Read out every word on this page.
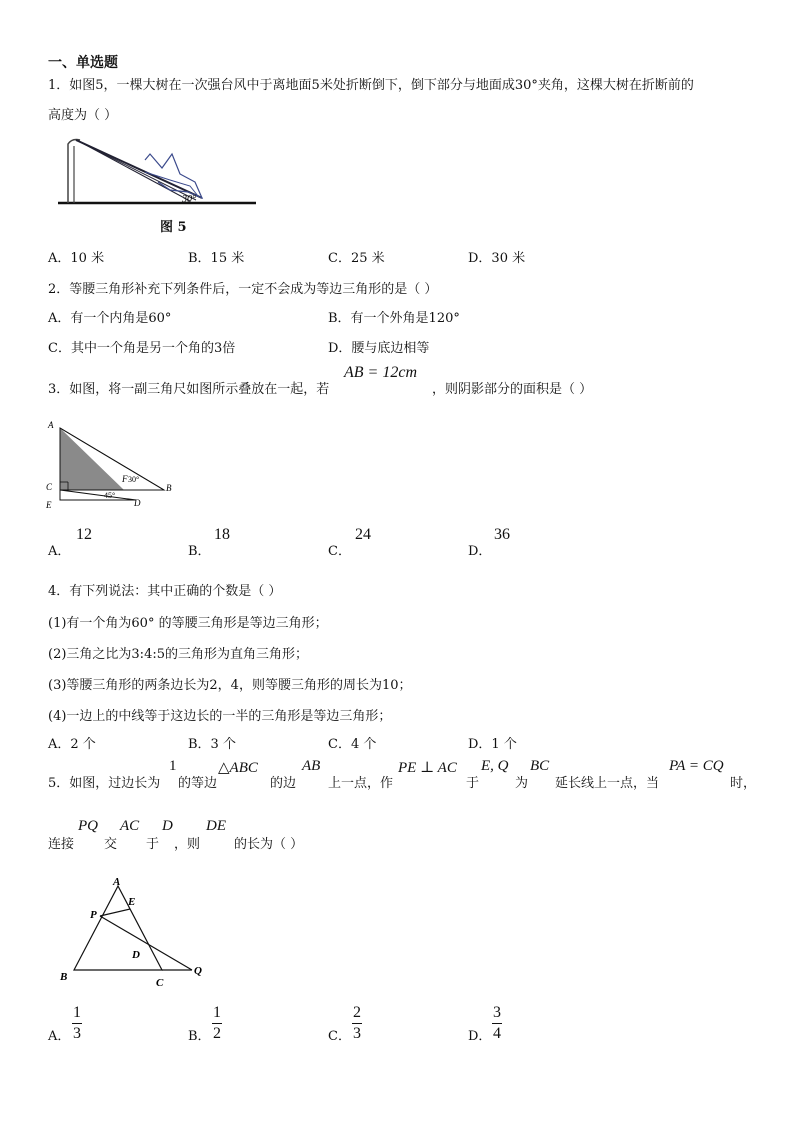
一、单选题
1．如图5，一棵大树在一次强台风中于离地面5米处折断倒下，倒下部分与地面成30°夹角，这棵大树在折断前的
高度为（ ）
30°
图 5
A．10 米	B．15 米	C．25 米	D．30 米
2．等腰三角形补充下列条件后，一定不会成为等边三角形的是（ ）
A．有一个内角是60°	B．有一个外角是120°
C．其中一个角是另一个角的3倍	D．腰与底边相等
3．如图，将一副三角尺如图所示叠放在一起，若
AB = 12cm
，则阴影部分的面积是（ ）
A
C
E
F 30°
B
45°
D
A．
12
B．
18
C．
24
D．
36
4．有下列说法：其中正确的个数是（ ）
(1)有一个角为60° 的等腰三角形是等边三角形；
(2)三角之比为3:4:5的三角形为直角三角形；
(3)等腰三角形的两条边长为2，4，则等腰三角形的周长为10；
(4)一边上的中线等于这边长的一半的三角形是等边三角形；
A．2 个	B．3 个	C．4 个	D．1 个
5．如图，过边长为
1
的等边
△ABC
的边
AB
上一点，作
PE ⊥ AC
于
E, Q
为
BC
延长线上一点，当
PA = CQ
时，
连接
PQ
交
AC
于
D
，则
DE
的长为（ ）
A
E
P
D
B	C
Q
A．
1
3	B．
1
2	C．
2
3	D．
3
4
